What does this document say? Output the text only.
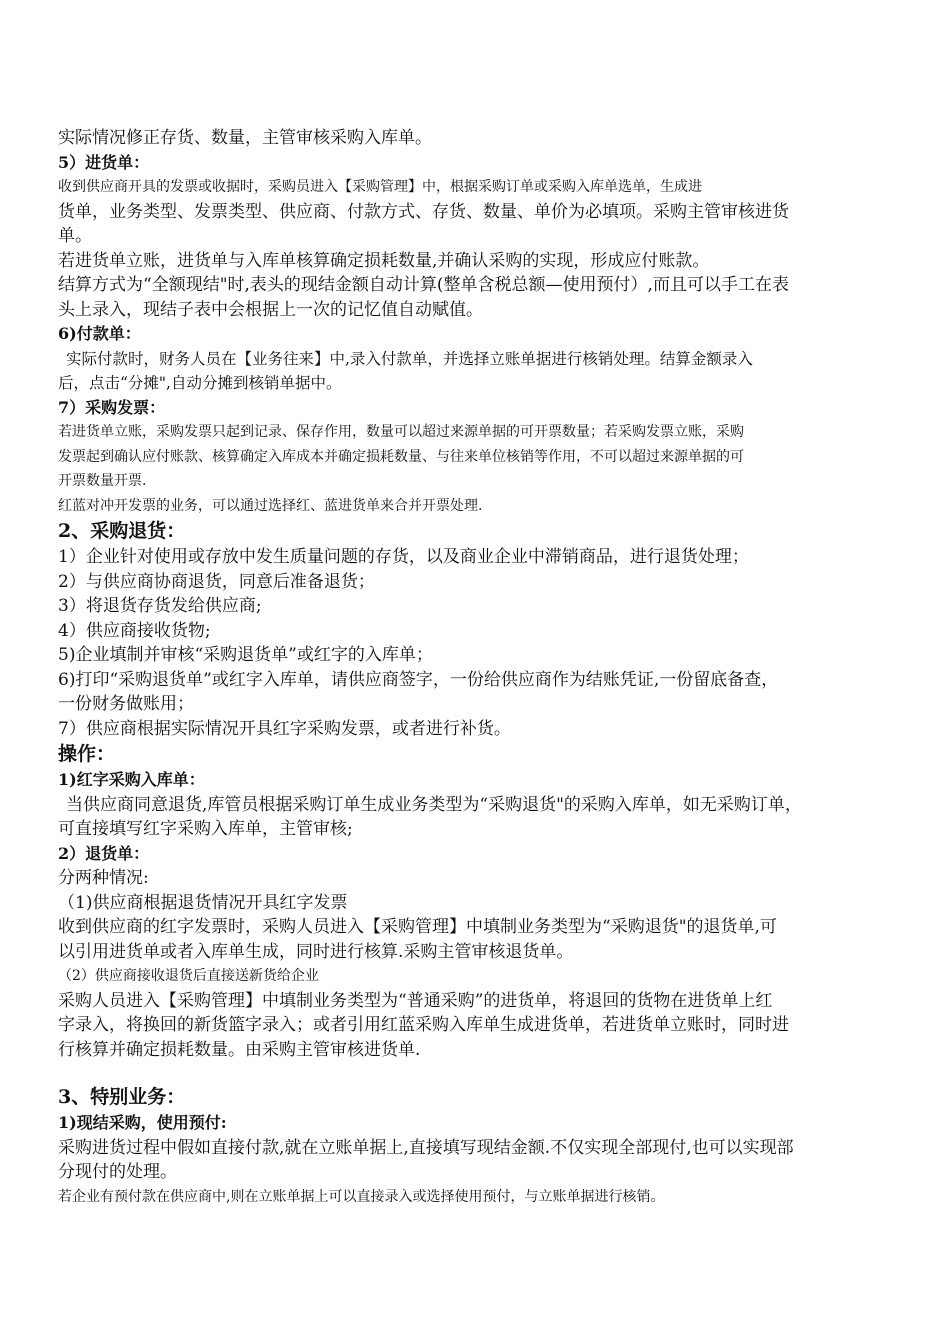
实际情况修正存货、数量，主管审核采购入库单。
5）进货单：
收到供应商开具的发票或收据时，采购员进入【采购管理】中，根据采购订单或采购入库单选单，生成进
货单，业务类型、发票类型、供应商、付款方式、存货、数量、单价为必填项。采购主管审核进货
单。
若进货单立账，进货单与入库单核算确定损耗数量,并确认采购的实现，形成应付账款。
结算方式为“全额现结"时,表头的现结金额自动计算(整单含税总额—使用预付）,而且可以手工在表
头上录入，现结子表中会根据上一次的记忆值自动赋值。
6)付款单：
实际付款时，财务人员在【业务往来】中,录入付款单，并选择立账单据进行核销处理。结算金额录入
后，点击“分摊",自动分摊到核销单据中。
7）采购发票：
若进货单立账，采购发票只起到记录、保存作用，数量可以超过来源单据的可开票数量；若采购发票立账，采购
发票起到确认应付账款、核算确定入库成本并确定损耗数量、与往来单位核销等作用，不可以超过来源单据的可
开票数量开票.
红蓝对冲开发票的业务，可以通过选择红、蓝进货单来合并开票处理.
2、采购退货：
1）企业针对使用或存放中发生质量问题的存货，以及商业企业中滞销商品，进行退货处理；
2）与供应商协商退货，同意后准备退货；
3）将退货存货发给供应商;
4）供应商接收货物;
5)企业填制并审核“采购退货单”或红字的入库单；
6)打印“采购退货单”或红字入库单，请供应商签字，一份给供应商作为结账凭证,一份留底备查，
一份财务做账用；
7）供应商根据实际情况开具红字采购发票，或者进行补货。
操作：
1)红字采购入库单：
当供应商同意退货,库管员根据采购订单生成业务类型为“采购退货"的采购入库单，如无采购订单，
可直接填写红字采购入库单，主管审核;
2）退货单：
分两种情况:
（1)供应商根据退货情况开具红字发票
收到供应商的红字发票时，采购人员进入【采购管理】中填制业务类型为“采购退货"的退货单,可
以引用进货单或者入库单生成，同时进行核算.采购主管审核退货单。
（2）供应商接收退货后直接送新货给企业
采购人员进入【采购管理】中填制业务类型为“普通采购”的进货单，将退回的货物在进货单上红
字录入，将换回的新货篮字录入；或者引用红蓝采购入库单生成进货单，若进货单立账时，同时进
行核算并确定损耗数量。由采购主管审核进货单.
3、特别业务：
1)现结采购，使用预付:
采购进货过程中假如直接付款,就在立账单据上,直接填写现结金额.不仅实现全部现付,也可以实现部
分现付的处理。
若企业有预付款在供应商中,则在立账单据上可以直接录入或选择使用预付，与立账单据进行核销。
